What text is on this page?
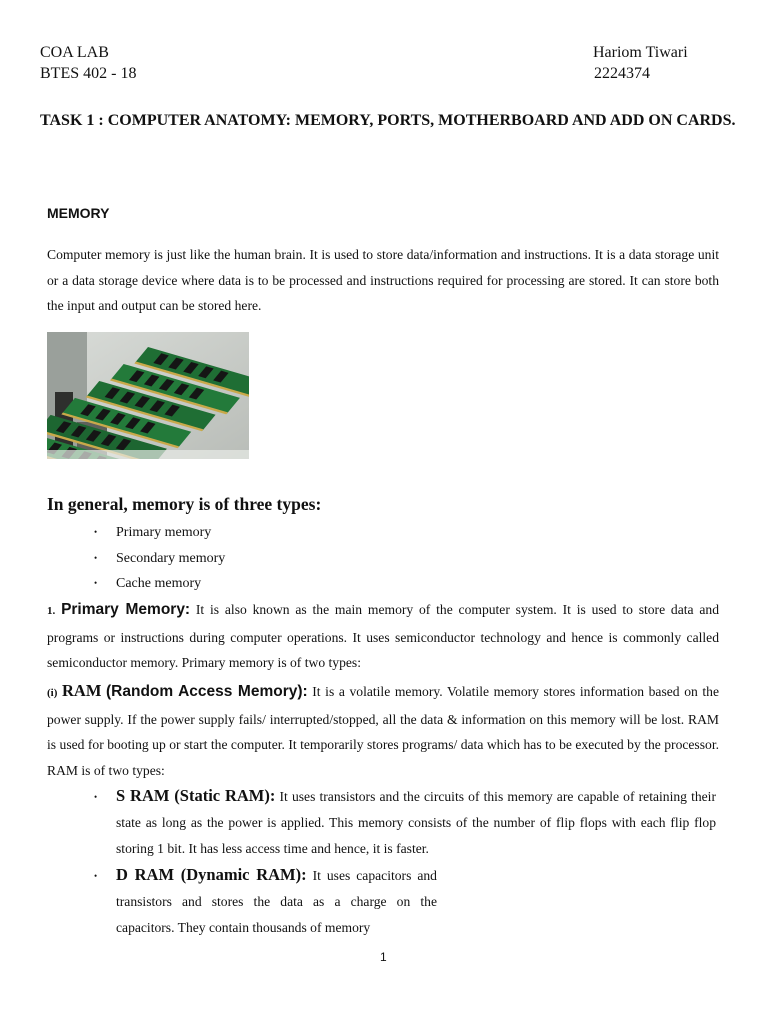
COA LAB
BTES 402 - 18
Hariom Tiwari
2224374
TASK 1 : COMPUTER ANATOMY: MEMORY, PORTS, MOTHERBOARD AND ADD ON CARDS.
MEMORY
Computer memory is just like the human brain. It is used to store data/information and instructions. It is a data storage unit or a data storage device where data is to be processed and instructions required for processing are stored. It can store both the input and output can be stored here.
In general, memory is of three types:
• Primary memory
• Secondary memory
• Cache memory
1. Primary Memory: It is also known as the main memory of the computer system. It is used to store data and programs or instructions during computer operations. It uses semiconductor technology and hence is commonly called semiconductor memory. Primary memory is of two types:
(i) RAM (Random Access Memory): It is a volatile memory. Volatile memory stores information based on the power supply. If the power supply fails/ interrupted/stopped, all the data & information on this memory will be lost. RAM is used for booting up or start the computer. It temporarily stores programs/ data which has to be executed by the processor. RAM is of two types:
• S RAM (Static RAM): It uses transistors and the circuits of this memory are capable of retaining their state as long as the power is applied. This memory consists of the number of flip flops with each flip flop storing 1 bit. It has less access time and hence, it is faster.
• D RAM (Dynamic RAM): It uses capacitors and transistors and stores the data as a charge on the capacitors. They contain thousands of memory
1
